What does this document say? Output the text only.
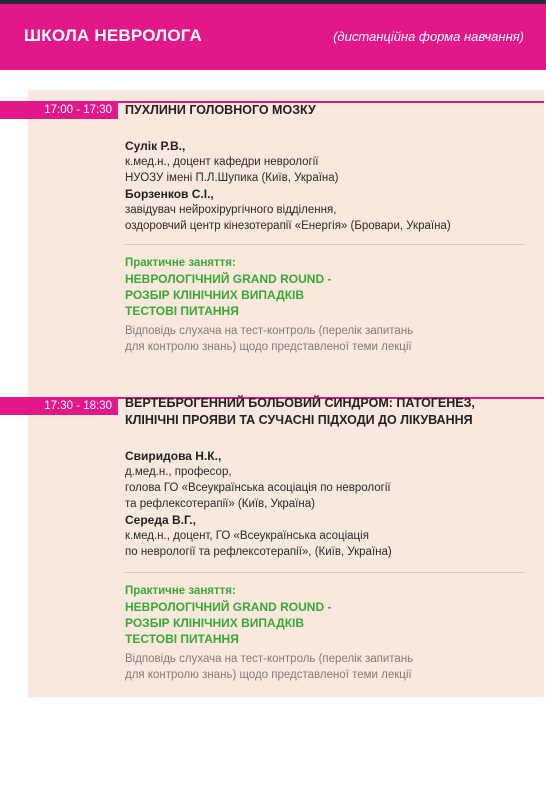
ШКОЛА НЕВРОЛОГА	(дистанційна форма навчання)
17:00 - 17:30	ПУХЛИНИ ГОЛОВНОГО МОЗКУ
Сулік Р.В.,
к.мед.н., доцент кафедри неврології
НУОЗУ імені П.Л.Шупика (Київ, Україна)
Борзенков С.І.,
завідувач нейрохірургічного відділення,
оздоровчий центр кінезотерапії «Енергія» (Бровари, Україна)
Практичне заняття:
НЕВРОЛОГІЧНИЙ GRAND ROUND -
РОЗБІР КЛІНІЧНИХ ВИПАДКІВ
ТЕСТОВІ ПИТАННЯ
Відповідь слухача на тест-контроль (перелік запитань
для контролю знань) щодо представленої теми лекції
17:30 - 18:30	ВЕРТЕБРОГЕННИЙ БОЛЬОВИЙ СИНДРОМ: ПАТОГЕНЕЗ,
КЛІНІЧНІ ПРОЯВИ ТА СУЧАСНІ ПІДХОДИ ДО ЛІКУВАННЯ
Свиридова Н.К.,
д.мед.н., професор,
голова ГО «Всеукраїнська асоціація по неврології
та рефлексотерапії» (Київ, Україна)
Середа В.Г.,
к.мед.н., доцент, ГО «Всеукраїнська асоціація
по неврології та рефлексотерапії», (Київ, Україна)
Практичне заняття:
НЕВРОЛОГІЧНИЙ GRAND ROUND -
РОЗБІР КЛІНІЧНИХ ВИПАДКІВ
ТЕСТОВІ ПИТАННЯ
Відповідь слухача на тест-контроль (перелік запитань
для контролю знань) щодо представленої теми лекції
